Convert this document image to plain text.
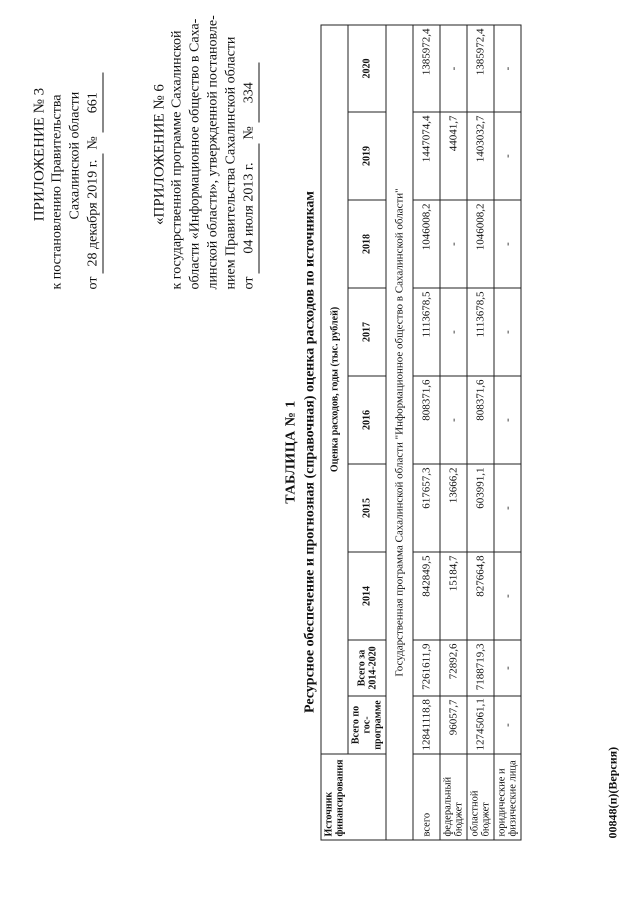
ПРИЛОЖЕНИЕ № 3 к постановлению Правительства Сахалинской области
от 28 декабря 2019 г. № 661	«ПРИЛОЖЕНИЕ № 6 к государственной программе Сахалинской области «Информационное общество в Саха- линской области», утвержденной постановле- нием Правительства Сахалинской области от 04 июля 2013 г. № 334
ТАБЛИЦА № 1 Ресурсное обеспечение и прогнозная (справочная) оценка расходов по источникам
Источник финансирования	Оценка расходов, годы (тыс. рублей)								
	Всего по гос-программе	Всего за 2014-2020	2014	2015	2016	2017	2018	2019	2020
Государственная программа Сахалинской области "Информационное общество в Сахалинской области"									
всего	12841118,8	7261611,9	842849,5	617657,3	808371,6	1113678,5	1046008,2	1447074,4	1385972,4
федеральный бюджет	96057,7	72892,6	15184,7	13666,2	-	-	-	44041,7	-
областной бюджет	12745061,1	7188719,3	827664,8	603991,1	808371,6	1113678,5	1046008,2	1403032,7	1385972,4
юридические и физические лица	-	-	-	-	-	-	-	-	-
00848(п)(Версия)
